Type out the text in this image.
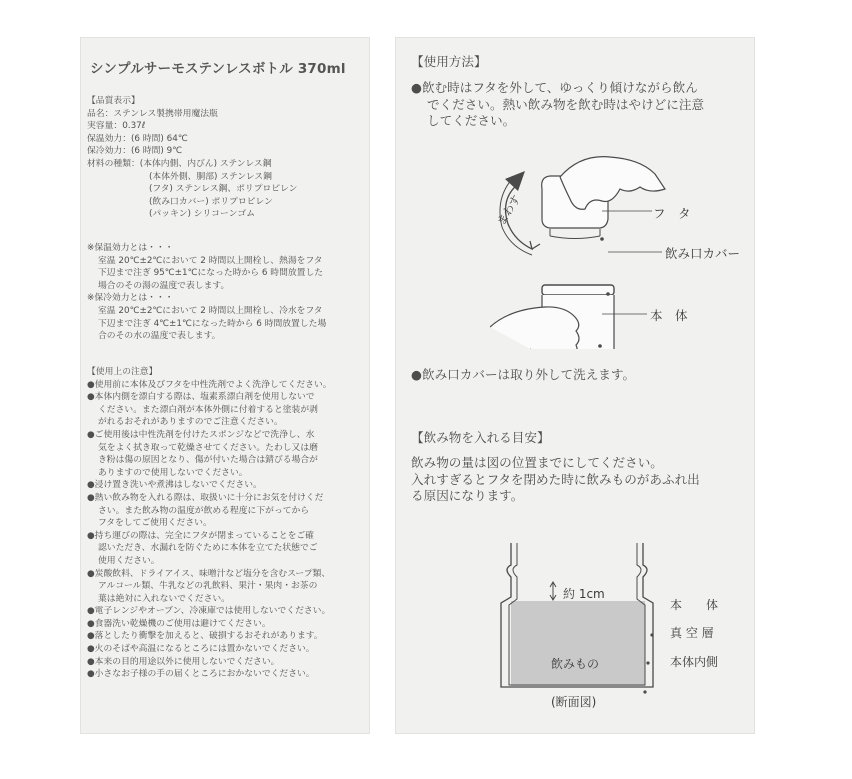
シンプルサーモステンレスボトル 370ml
【品質表示】
品名：ステンレス製携帯用魔法瓶
実容量：0.37ℓ
保温効力：(6 時間) 64℃
保冷効力：(6 時間) 9℃
材料の種類：(本体内側、内びん) ステンレス鋼
(本体外側、胴部) ステンレス鋼
(フタ) ステンレス鋼、ポリプロピレン
(飲み口カバー) ポリプロピレン
(パッキン) シリコーンゴム
※保温効力とは・・・
室温 20℃±2℃において 2 時間以上開栓し、熱湯をフタ
下辺まで注ぎ 95℃±1℃になった時から 6 時間放置した
場合のその湯の温度で表します。
※保冷効力とは・・・
室温 20℃±2℃において 2 時間以上開栓し、冷水をフタ
下辺まで注ぎ 4℃±1℃になった時から 6 時間放置した場
合のその水の温度で表します。
【使用上の注意】
●使用前に本体及びフタを中性洗剤でよく洗浄してください。
●本体内側を漂白する際は、塩素系漂白剤を使用しないで
ください。また漂白剤が本体外側に付着すると塗装が剥
がれるおそれがありますのでご注意ください。
●ご使用後は中性洗剤を付けたスポンジなどで洗浄し、水
気をよく拭き取って乾燥させてください。たわし又は磨
き粉は傷の原因となり、傷が付いた場合は錆びる場合が
ありますので使用しないでください。
●浸け置き洗いや煮沸はしないでください。
●熱い飲み物を入れる際は、取扱いに十分にお気を付けくだ
さい。また飲み物の温度が飲める程度に下がってから
フタをしてご使用ください。
●持ち運びの際は、完全にフタが閉まっていることをご確
認いただき、水漏れを防ぐために本体を立てた状態でご
使用ください。
●炭酸飲料、ドライアイス、味噌汁など塩分を含むスープ類、
アルコール類、牛乳などの乳飲料、果汁・果肉・お茶の
葉は絶対に入れないでください。
●電子レンジやオーブン、冷凍庫では使用しないでください。
●食器洗い乾燥機のご使用は避けてください。
●落としたり衝撃を加えると、破損するおそれがあります。
●火のそばや高温になるところには置かないでください。
●本来の目的用途以外に使用しないでください。
●小さなお子様の手の届くところにおかないでください。
【使用方法】
●飲む時はフタを外して、ゆっくり傾けながら飲ん
でください。熱い飲み物を飲む時はやけどに注意
してください。
まわす	フ　タ
飲み口カバー
本　体
●飲み口カバーは取り外して洗えます。
【飲み物を入れる目安】
飲み物の量は図の位置までにしてください。
入れすぎるとフタを閉めた時に飲みものがあふれ出
る原因になります。
約 1cm
飲みもの
本　　体
真 空 層
本体内側
(断面図)
